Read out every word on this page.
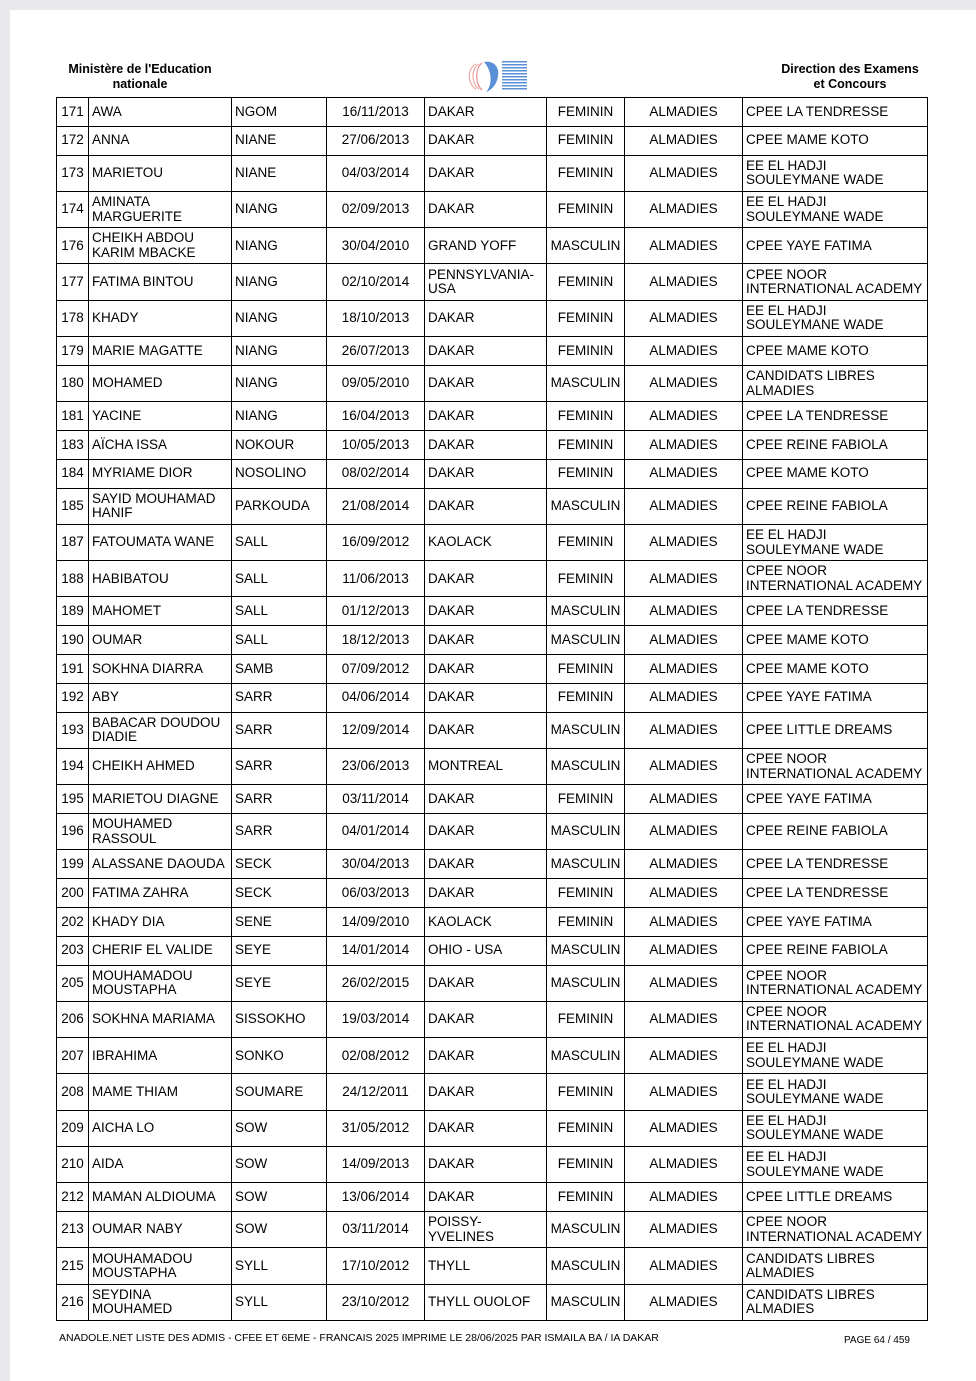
Ministère de l'Education
nationale
Direction des Examens
et Concours
171	AWA	NGOM	16/11/2013	DAKAR	FEMININ	ALMADIES	CPEE LA TENDRESSE
172	ANNA	NIANE	27/06/2013	DAKAR	FEMININ	ALMADIES	CPEE MAME KOTO
173	MARIETOU	NIANE	04/03/2014	DAKAR	FEMININ	ALMADIES	EE EL HADJI SOULEYMANE WADE
174	AMINATA MARGUERITE	NIANG	02/09/2013	DAKAR	FEMININ	ALMADIES	EE EL HADJI SOULEYMANE WADE
176	CHEIKH ABDOU KARIM MBACKE	NIANG	30/04/2010	GRAND YOFF	MASCULIN	ALMADIES	CPEE YAYE FATIMA
177	FATIMA BINTOU	NIANG	02/10/2014	PENNSYLVANIA-USA	FEMININ	ALMADIES	CPEE NOOR INTERNATIONAL ACADEMY
178	KHADY	NIANG	18/10/2013	DAKAR	FEMININ	ALMADIES	EE EL HADJI SOULEYMANE WADE
179	MARIE MAGATTE	NIANG	26/07/2013	DAKAR	FEMININ	ALMADIES	CPEE MAME KOTO
180	MOHAMED	NIANG	09/05/2010	DAKAR	MASCULIN	ALMADIES	CANDIDATS LIBRES ALMADIES
181	YACINE	NIANG	16/04/2013	DAKAR	FEMININ	ALMADIES	CPEE LA TENDRESSE
183	AÏCHA ISSA	NOKOUR	10/05/2013	DAKAR	FEMININ	ALMADIES	CPEE REINE FABIOLA
184	MYRIAME DIOR	NOSOLINO	08/02/2014	DAKAR	FEMININ	ALMADIES	CPEE MAME KOTO
185	SAYID MOUHAMAD HANIF	PARKOUDA	21/08/2014	DAKAR	MASCULIN	ALMADIES	CPEE REINE FABIOLA
187	FATOUMATA WANE	SALL	16/09/2012	KAOLACK	FEMININ	ALMADIES	EE EL HADJI SOULEYMANE WADE
188	HABIBATOU	SALL	11/06/2013	DAKAR	FEMININ	ALMADIES	CPEE NOOR INTERNATIONAL ACADEMY
189	MAHOMET	SALL	01/12/2013	DAKAR	MASCULIN	ALMADIES	CPEE LA TENDRESSE
190	OUMAR	SALL	18/12/2013	DAKAR	MASCULIN	ALMADIES	CPEE MAME KOTO
191	SOKHNA DIARRA	SAMB	07/09/2012	DAKAR	FEMININ	ALMADIES	CPEE MAME KOTO
192	ABY	SARR	04/06/2014	DAKAR	FEMININ	ALMADIES	CPEE YAYE FATIMA
193	BABACAR DOUDOU DIADIE	SARR	12/09/2014	DAKAR	MASCULIN	ALMADIES	CPEE LITTLE DREAMS
194	CHEIKH AHMED	SARR	23/06/2013	MONTREAL	MASCULIN	ALMADIES	CPEE NOOR INTERNATIONAL ACADEMY
195	MARIETOU DIAGNE	SARR	03/11/2014	DAKAR	FEMININ	ALMADIES	CPEE YAYE FATIMA
196	MOUHAMED RASSOUL	SARR	04/01/2014	DAKAR	MASCULIN	ALMADIES	CPEE REINE FABIOLA
199	ALASSANE DAOUDA	SECK	30/04/2013	DAKAR	MASCULIN	ALMADIES	CPEE LA TENDRESSE
200	FATIMA ZAHRA	SECK	06/03/2013	DAKAR	FEMININ	ALMADIES	CPEE LA TENDRESSE
202	KHADY DIA	SENE	14/09/2010	KAOLACK	FEMININ	ALMADIES	CPEE YAYE FATIMA
203	CHERIF EL VALIDE	SEYE	14/01/2014	OHIO - USA	MASCULIN	ALMADIES	CPEE REINE FABIOLA
205	MOUHAMADOU MOUSTAPHA	SEYE	26/02/2015	DAKAR	MASCULIN	ALMADIES	CPEE NOOR INTERNATIONAL ACADEMY
206	SOKHNA MARIAMA	SISSOKHO	19/03/2014	DAKAR	FEMININ	ALMADIES	CPEE NOOR INTERNATIONAL ACADEMY
207	IBRAHIMA	SONKO	02/08/2012	DAKAR	MASCULIN	ALMADIES	EE EL HADJI SOULEYMANE WADE
208	MAME THIAM	SOUMARE	24/12/2011	DAKAR	FEMININ	ALMADIES	EE EL HADJI SOULEYMANE WADE
209	AICHA LO	SOW	31/05/2012	DAKAR	FEMININ	ALMADIES	EE EL HADJI SOULEYMANE WADE
210	AIDA	SOW	14/09/2013	DAKAR	FEMININ	ALMADIES	EE EL HADJI SOULEYMANE WADE
212	MAMAN ALDIOUMA	SOW	13/06/2014	DAKAR	FEMININ	ALMADIES	CPEE LITTLE DREAMS
213	OUMAR NABY	SOW	03/11/2014	POISSY-YVELINES	MASCULIN	ALMADIES	CPEE NOOR INTERNATIONAL ACADEMY
215	MOUHAMADOU MOUSTAPHA	SYLL	17/10/2012	THYLL	MASCULIN	ALMADIES	CANDIDATS LIBRES ALMADIES
216	SEYDINA MOUHAMED	SYLL	23/10/2012	THYLL OUOLOF	MASCULIN	ALMADIES	CANDIDATS LIBRES ALMADIES
ANADOLE.NET LISTE DES ADMIS - CFEE ET 6EME - FRANCAIS 2025 IMPRIME LE 28/06/2025 PAR ISMAILA BA / IA DAKAR	PAGE 64 / 459
